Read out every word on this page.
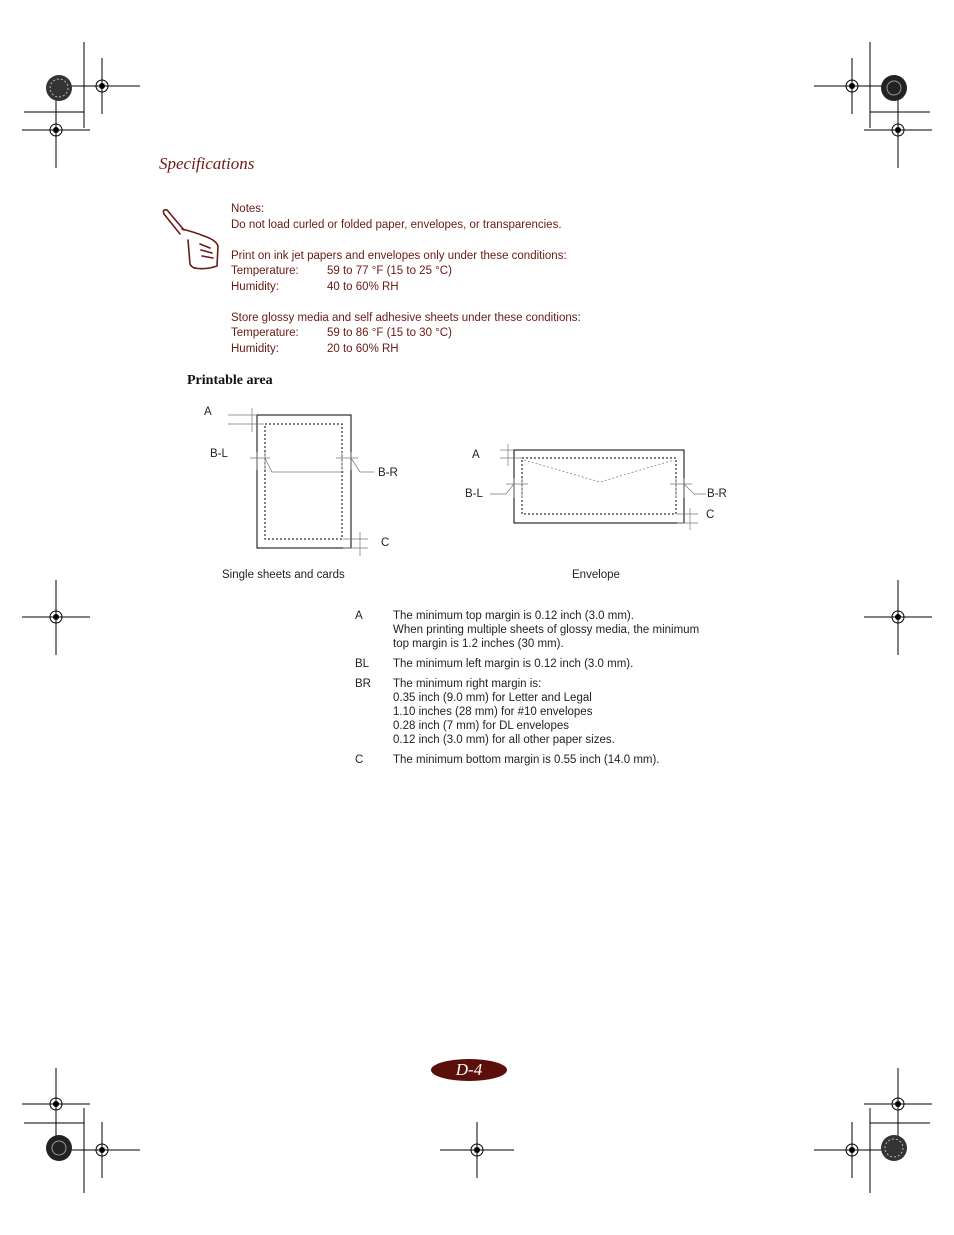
Specifications
Notes:
Do not load curled or folded paper, envelopes, or transparencies.
Print on ink jet papers and envelopes only under these conditions:
Temperature: 59 to 77 °F (15 to 25 °C)
Humidity:	40 to 60% RH
Store glossy media and self adhesive sheets under these conditions:
Temperature: 59 to 86 °F (15 to 30 °C)
Humidity:	20 to 60% RH
Printable area
A
B-L
B-R
C
Single sheets and cards
A
B-L	B-R
C
Envelope
A	The minimum top margin is 0.12 inch (3.0 mm).
When printing multiple sheets of glossy media, the minimum
top margin is 1.2 inches (30 mm).
BL	The minimum left margin is 0.12 inch (3.0 mm).
BR	The minimum right margin is:
0.35 inch (9.0 mm) for Letter and Legal
1.10 inches (28 mm) for #10 envelopes
0.28 inch (7 mm) for DL envelopes
0.12 inch (3.0 mm) for all other paper sizes.
C	The minimum bottom margin is 0.55 inch (14.0 mm).
D-4
